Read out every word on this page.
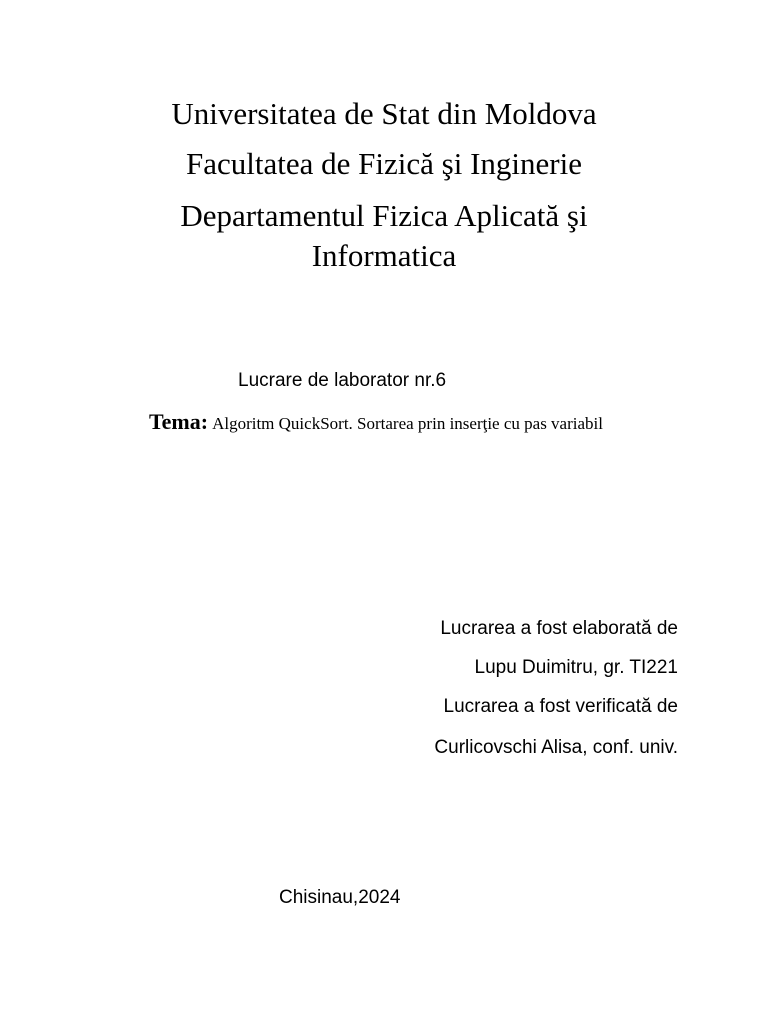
Universitatea de Stat din Moldova
Facultatea de Fizică şi Inginerie
Departamentul Fizica Aplicată şi
Informatica
Lucrare de laborator nr.6
Tema: Algoritm QuickSort. Sortarea prin inserţie cu pas variabil
Lucrarea a fost elaborată de
Lupu Duimitru, gr. TI221
Lucrarea a fost verificată de
Curlicovschi Alisa, conf. univ.
Chisinau,2024
